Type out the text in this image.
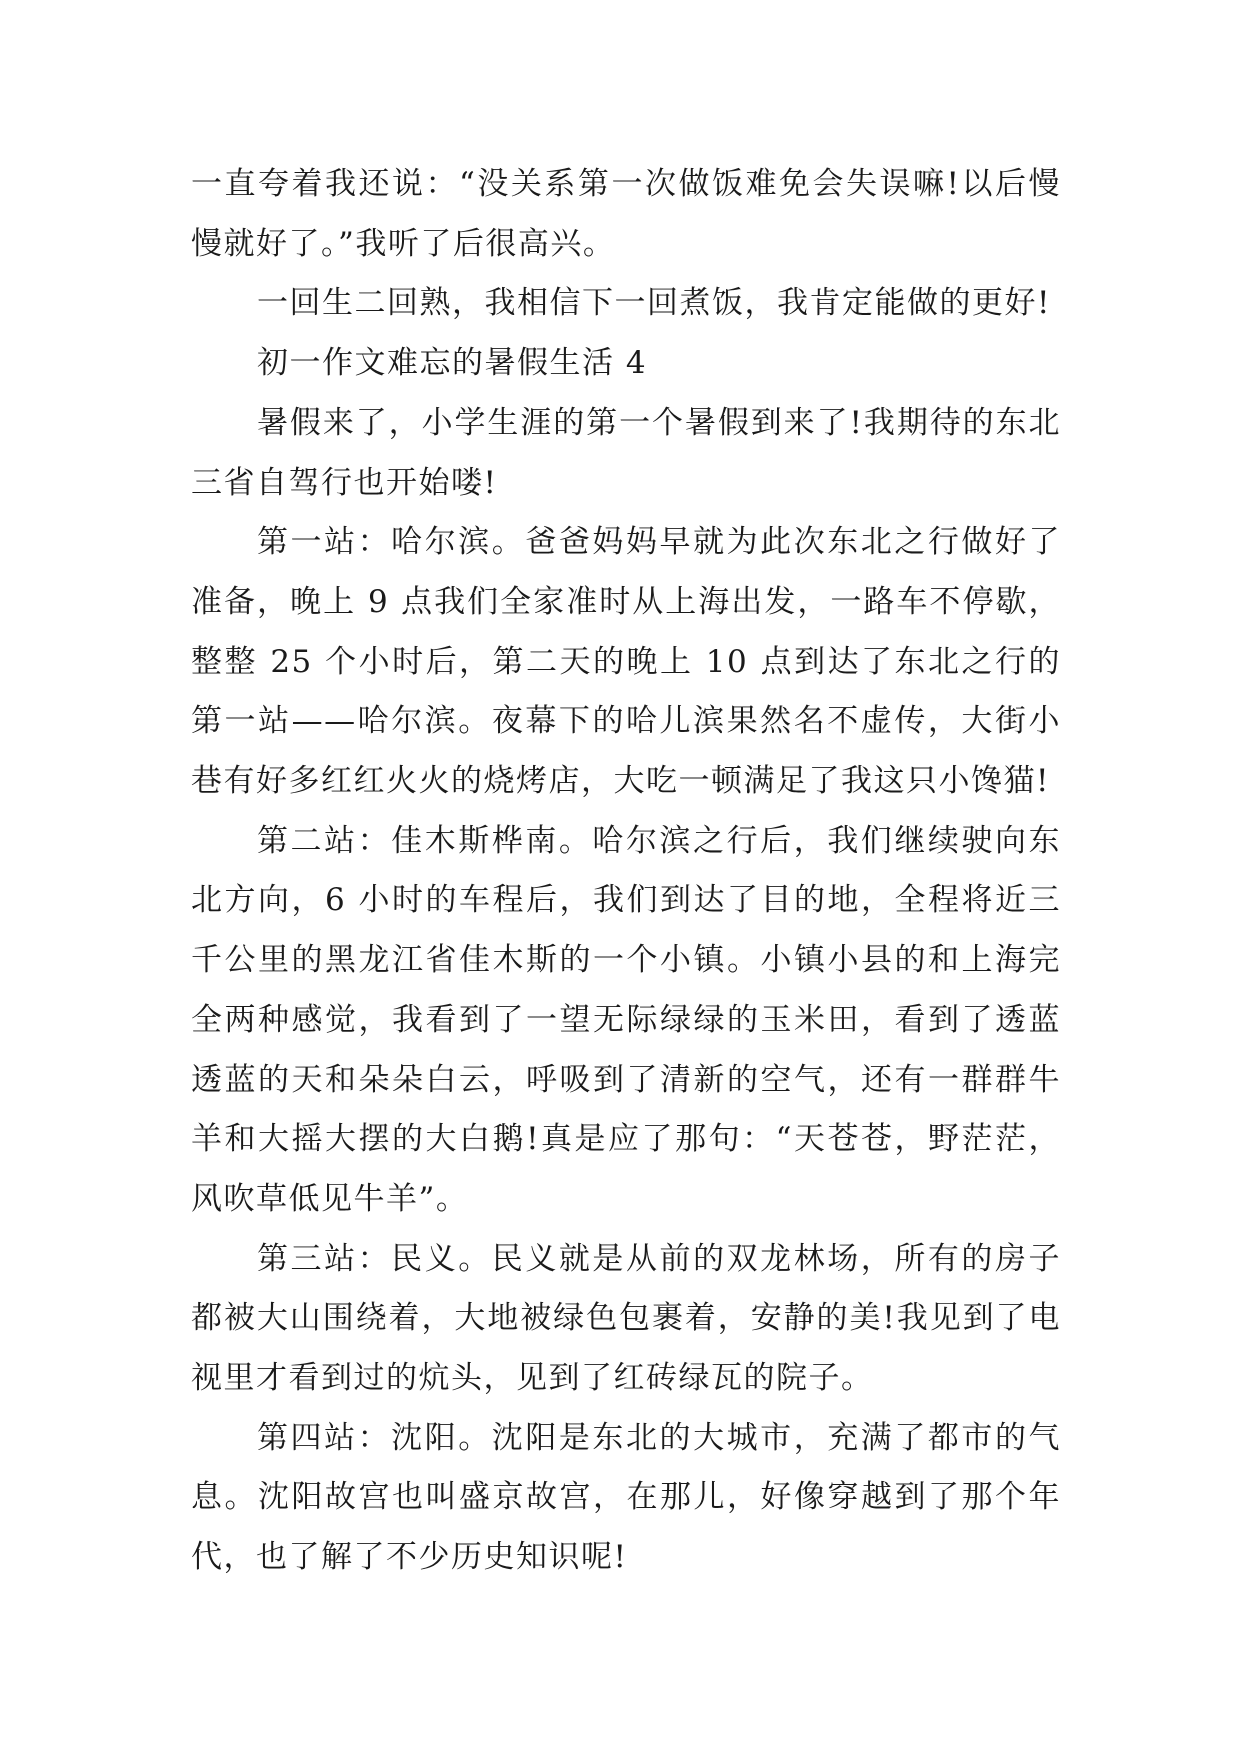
一直夸着我还说：“没关系第一次做饭难免会失误嘛!以后慢慢就好了。”我听了后很高兴。

一回生二回熟，我相信下一回煮饭，我肯定能做的更好!

初一作文难忘的暑假生活 4

暑假来了，小学生涯的第一个暑假到来了!我期待的东北三省自驾行也开始喽!

第一站：哈尔滨。爸爸妈妈早就为此次东北之行做好了准备，晚上 9 点我们全家准时从上海出发，一路车不停歇，整整 25 个小时后，第二天的晚上 10 点到达了东北之行的第一站——哈尔滨。夜幕下的哈儿滨果然名不虚传，大街小巷有好多红红火火的烧烤店，大吃一顿满足了我这只小馋猫!

第二站：佳木斯桦南。哈尔滨之行后，我们继续驶向东北方向，6 小时的车程后，我们到达了目的地，全程将近三千公里的黑龙江省佳木斯的一个小镇。小镇小县的和上海完全两种感觉，我看到了一望无际绿绿的玉米田，看到了透蓝透蓝的天和朵朵白云，呼吸到了清新的空气，还有一群群牛羊和大摇大摆的大白鹅!真是应了那句：“天苍苍，野茫茫，风吹草低见牛羊”。

第三站：民义。民义就是从前的双龙林场，所有的房子都被大山围绕着，大地被绿色包裹着，安静的美!我见到了电视里才看到过的炕头，见到了红砖绿瓦的院子。

第四站：沈阳。沈阳是东北的大城市，充满了都市的气息。沈阳故宫也叫盛京故宫，在那儿，好像穿越到了那个年代，也了解了不少历史知识呢!
